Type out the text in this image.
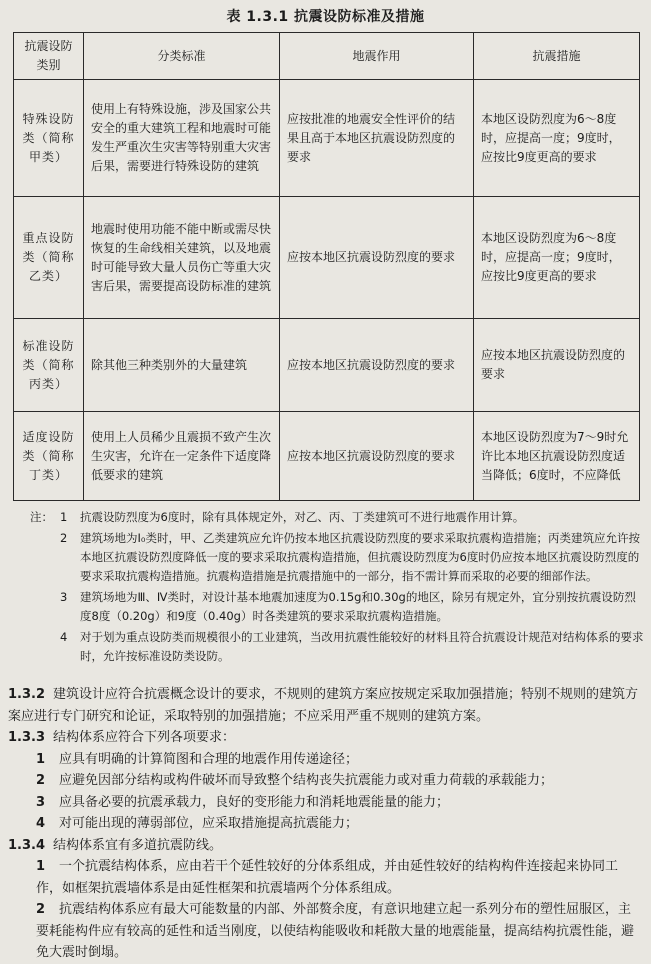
表 1.3.1 抗震设防标准及措施
抗震设防类别	分类标准	地震作用	抗震措施
特殊设防类（简称甲类）	使用上有特殊设施，涉及国家公共安全的重大建筑工程和地震时可能发生严重次生灾害等特别重大灾害后果，需要进行特殊设防的建筑	应按批准的地震安全性评价的结果且高于本地区抗震设防烈度的要求	本地区设防烈度为6～8度时，应提高一度；9度时，应按比9度更高的要求
重点设防类（简称乙类）	地震时使用功能不能中断或需尽快恢复的生命线相关建筑，以及地震时可能导致大量人员伤亡等重大灾害后果，需要提高设防标准的建筑	应按本地区抗震设防烈度的要求	本地区设防烈度为6～8度时，应提高一度；9度时，应按比9度更高的要求
标准设防类（简称丙类）	除其他三种类别外的大量建筑	应按本地区抗震设防烈度的要求	应按本地区抗震设防烈度的要求
适度设防类（简称丁类）	使用上人员稀少且震损不致产生次生灾害，允许在一定条件下适度降低要求的建筑	应按本地区抗震设防烈度的要求	本地区设防烈度为7～9时允许比本地区抗震设防烈度适当降低；6度时，不应降低
注： 1 抗震设防烈度为6度时，除有具体规定外，对乙、丙、丁类建筑可不进行地震作用计算。
2 建筑场地为I₀类时，甲、乙类建筑应允许仍按本地区抗震设防烈度的要求采取抗震构造措施；丙类建筑应允许按本地区抗震设防烈度降低一度的要求采取抗震构造措施，但抗震设防烈度为6度时仍应按本地区抗震设防烈度的要求采取抗震构造措施。抗震构造措施是抗震措施中的一部分，指不需计算而采取的必要的细部作法。
3 建筑场地为Ⅲ、Ⅳ类时，对设计基本地震加速度为0.15g和0.30g的地区，除另有规定外，宜分别按抗震设防烈度8度（0.20g）和9度（0.40g）时各类建筑的要求采取抗震构造措施。
4 对于划为重点设防类而规模很小的工业建筑，当改用抗震性能较好的材料且符合抗震设计规范对结构体系的要求时，允许按标准设防类设防。

1.3.2 建筑设计应符合抗震概念设计的要求，不规则的建筑方案应按规定采取加强措施；特别不规则的建筑方案应进行专门研究和论证，采取特别的加强措施；不应采用严重不规则的建筑方案。

1.3.3 结构体系应符合下列各项要求：

1 应具有明确的计算简图和合理的地震作用传递途径；

2 应避免因部分结构或构件破坏而导致整个结构丧失抗震能力或对重力荷载的承载能力；

3 应具备必要的抗震承载力，良好的变形能力和消耗地震能量的能力；

4 对可能出现的薄弱部位，应采取措施提高抗震能力；

1.3.4 结构体系宜有多道抗震防线。

1 一个抗震结构体系，应由若干个延性较好的分体系组成，并由延性较好的结构构件连接起来协同工作，如框架抗震墙体系是由延性框架和抗震墙两个分体系组成。

2 抗震结构体系应有最大可能数量的内部、外部赘余度，有意识地建立起一系列分布的塑性屈服区，主要耗能构件应有较高的延性和适当刚度，以使结构能吸收和耗散大量的地震能量，提高结构抗震性能，避免大震时倒塌。
